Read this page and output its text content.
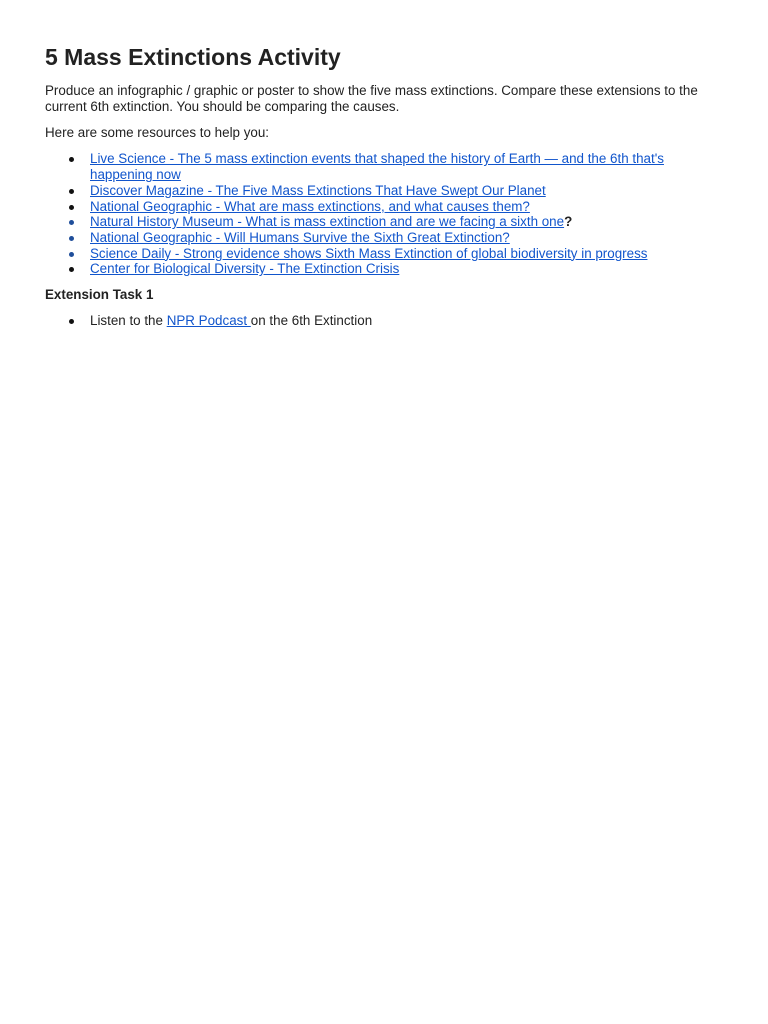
5 Mass Extinctions Activity

Produce an infographic / graphic or poster to show the five mass extinctions. Compare these extensions to the current 6th extinction. You should be comparing the causes.

Here are some resources to help you:

Live Science - The 5 mass extinction events that shaped the history of Earth — and the 6th that's happening now
Discover Magazine - The Five Mass Extinctions That Have Swept Our Planet
National Geographic - What are mass extinctions, and what causes them?
Natural History Museum - What is mass extinction and are we facing a sixth one?
National Geographic - Will Humans Survive the Sixth Great Extinction?
Science Daily - Strong evidence shows Sixth Mass Extinction of global biodiversity in progress
Center for Biological Diversity - The Extinction Crisis

Extension Task 1

Listen to the NPR Podcast on the 6th Extinction
